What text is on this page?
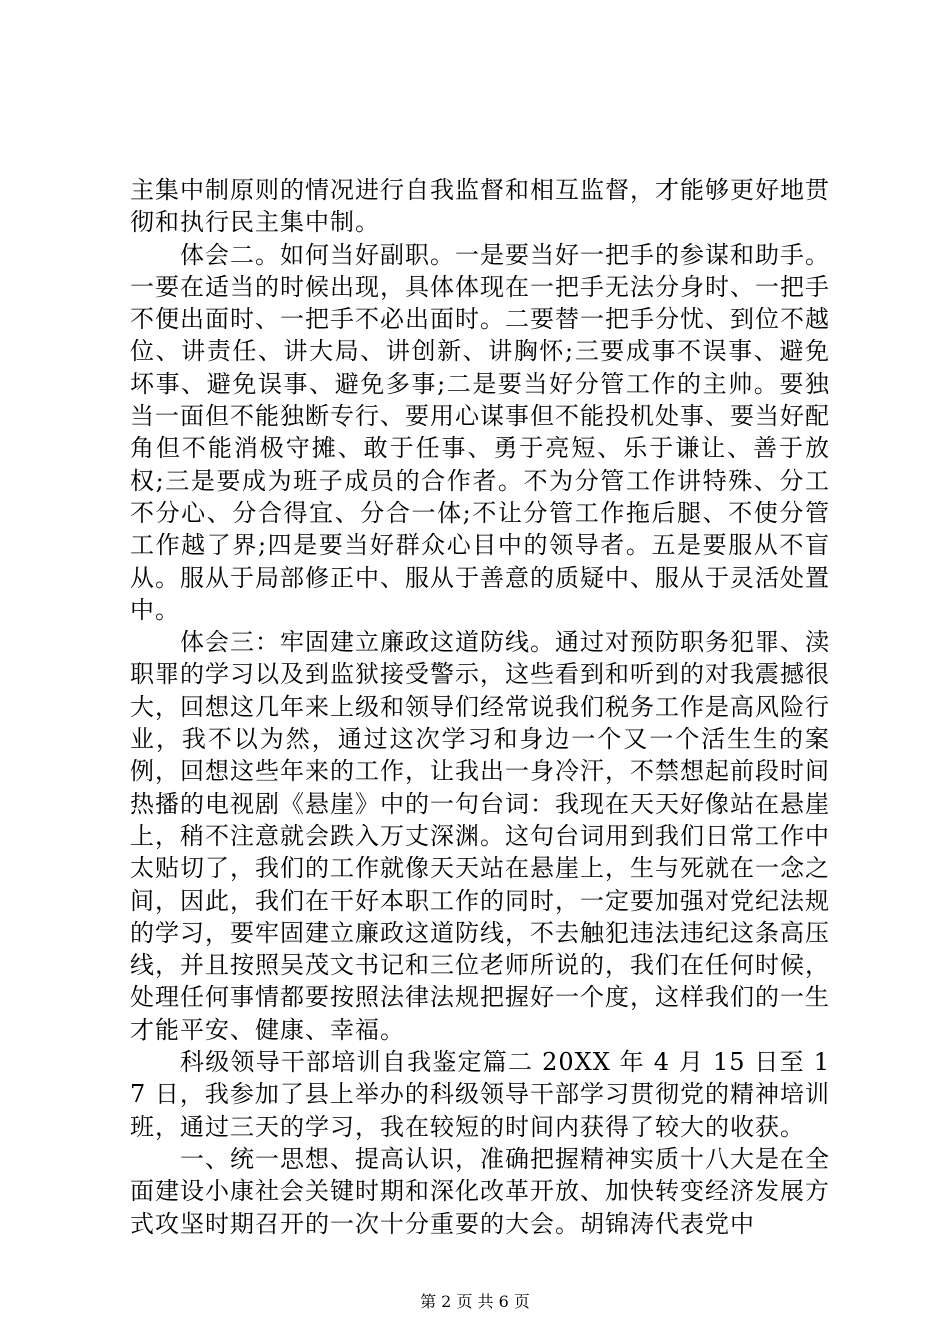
主集中制原则的情况进行自我监督和相互监督，才能够更好地贯彻和执行民主集中制。

体会二。如何当好副职。一是要当好一把手的参谋和助手。一要在适当的时候出现，具体体现在一把手无法分身时、一把手不便出面时、一把手不必出面时。二要替一把手分忧、到位不越位、讲责任、讲大局、讲创新、讲胸怀;三要成事不误事、避免坏事、避免误事、避免多事;二是要当好分管工作的主帅。要独当一面但不能独断专行、要用心谋事但不能投机处事、要当好配角但不能消极守摊、敢于任事、勇于亮短、乐于谦让、善于放权;三是要成为班子成员的合作者。不为分管工作讲特殊、分工不分心、分合得宜、分合一体;不让分管工作拖后腿、不使分管工作越了界;四是要当好群众心目中的领导者。五是要服从不盲从。服从于局部修正中、服从于善意的质疑中、服从于灵活处置中。

体会三：牢固建立廉政这道防线。通过对预防职务犯罪、渎职罪的学习以及到监狱接受警示，这些看到和听到的对我震撼很大，回想这几年来上级和领导们经常说我们税务工作是高风险行业，我不以为然，通过这次学习和身边一个又一个活生生的案例，回想这些年来的工作，让我出一身冷汗，不禁想起前段时间热播的电视剧《悬崖》中的一句台词：我现在天天好像站在悬崖上，稍不注意就会跌入万丈深渊。这句台词用到我们日常工作中太贴切了，我们的工作就像天天站在悬崖上，生与死就在一念之间，因此，我们在干好本职工作的同时，一定要加强对党纪法规的学习，要牢固建立廉政这道防线，不去触犯违法违纪这条高压线，并且按照吴茂文书记和三位老师所说的，我们在任何时候，处理任何事情都要按照法律法规把握好一个度，这样我们的一生才能平安、健康、幸福。

科级领导干部培训自我鉴定篇二 20XX 年 4 月 15 日至 17 日，我参加了县上举办的科级领导干部学习贯彻党的精神培训班，通过三天的学习，我在较短的时间内获得了较大的收获。

一、统一思想、提高认识，准确把握精神实质十八大是在全面建设小康社会关键时期和深化改革开放、加快转变经济发展方式攻坚时期召开的一次十分重要的大会。胡锦涛代表党中

第 2 页 共 6 页
